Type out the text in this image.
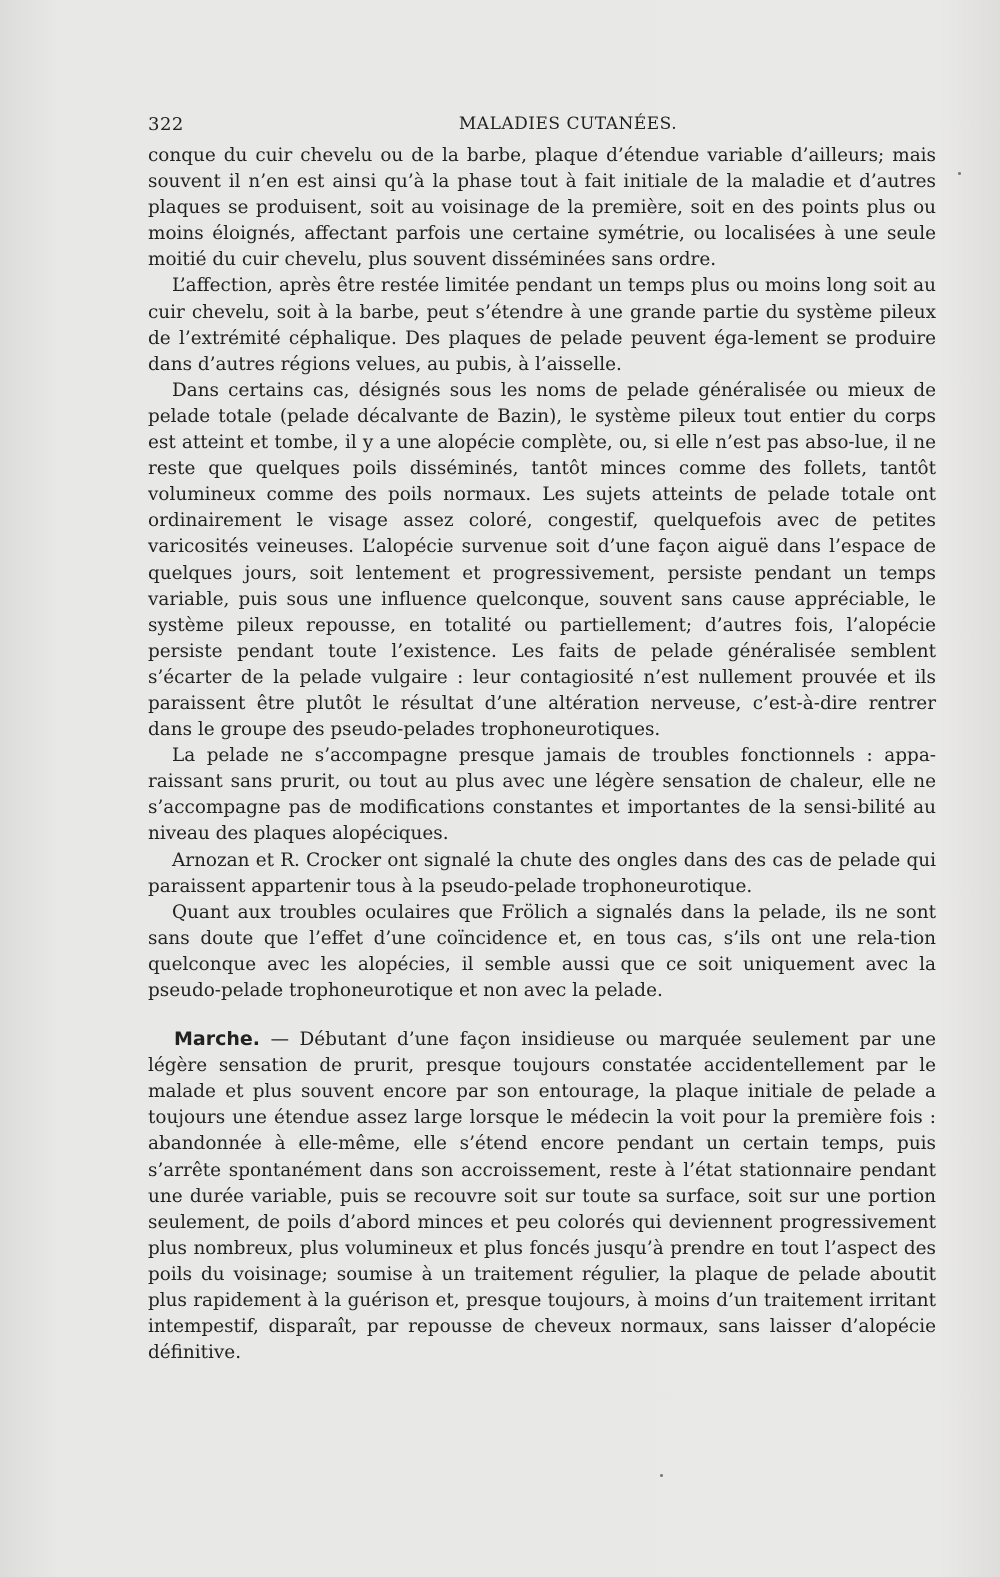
322	MALADIES CUTANÉES.

conque du cuir chevelu ou de la barbe, plaque d’étendue variable d’ailleurs; mais souvent il n’en est ainsi qu’à la phase tout à fait initiale de la maladie et d’autres plaques se produisent, soit au voisinage de la première, soit en des points plus ou moins éloignés, affectant parfois une certaine symétrie, ou localisées à une seule moitié du cuir chevelu, plus souvent disséminées sans ordre.

L’affection, après être restée limitée pendant un temps plus ou moins long soit au cuir chevelu, soit à la barbe, peut s’étendre à une grande partie du système pileux de l’extrémité céphalique. Des plaques de pelade peuvent éga-lement se produire dans d’autres régions velues, au pubis, à l’aisselle.

Dans certains cas, désignés sous les noms de pelade généralisée ou mieux de pelade totale (pelade décalvante de Bazin), le système pileux tout entier du corps est atteint et tombe, il y a une alopécie complète, ou, si elle n’est pas abso-lue, il ne reste que quelques poils disséminés, tantôt minces comme des follets, tantôt volumineux comme des poils normaux. Les sujets atteints de pelade totale ont ordinairement le visage assez coloré, congestif, quelquefois avec de petites varicosités veineuses. L’alopécie survenue soit d’une façon aiguë dans l’espace de quelques jours, soit lentement et progressivement, persiste pendant un temps variable, puis sous une influence quelconque, souvent sans cause appréciable, le système pileux repousse, en totalité ou partiellement; d’autres fois, l’alopécie persiste pendant toute l’existence. Les faits de pelade généralisée semblent s’écarter de la pelade vulgaire : leur contagiosité n’est nullement prouvée et ils paraissent être plutôt le résultat d’une altération nerveuse, c’est-à-dire rentrer dans le groupe des pseudo-pelades trophoneurotiques.

La pelade ne s’accompagne presque jamais de troubles fonctionnels : appa-raissant sans prurit, ou tout au plus avec une légère sensation de chaleur, elle ne s’accompagne pas de modifications constantes et importantes de la sensi-bilité au niveau des plaques alopéciques.

Arnozan et R. Crocker ont signalé la chute des ongles dans des cas de pelade qui paraissent appartenir tous à la pseudo-pelade trophoneurotique.

Quant aux troubles oculaires que Frölich a signalés dans la pelade, ils ne sont sans doute que l’effet d’une coïncidence et, en tous cas, s’ils ont une rela-tion quelconque avec les alopécies, il semble aussi que ce soit uniquement avec la pseudo-pelade trophoneurotique et non avec la pelade.

Marche. — Débutant d’une façon insidieuse ou marquée seulement par une légère sensation de prurit, presque toujours constatée accidentellement par le malade et plus souvent encore par son entourage, la plaque initiale de pelade a toujours une étendue assez large lorsque le médecin la voit pour la première fois : abandonnée à elle-même, elle s’étend encore pendant un certain temps, puis s’arrête spontanément dans son accroissement, reste à l’état stationnaire pendant une durée variable, puis se recouvre soit sur toute sa surface, soit sur une portion seulement, de poils d’abord minces et peu colorés qui deviennent progressivement plus nombreux, plus volumineux et plus foncés jusqu’à prendre en tout l’aspect des poils du voisinage; soumise à un traitement régulier, la plaque de pelade aboutit plus rapidement à la guérison et, presque toujours, à moins d’un traitement irritant intempestif, disparaît, par repousse de cheveux normaux, sans laisser d’alopécie définitive.
